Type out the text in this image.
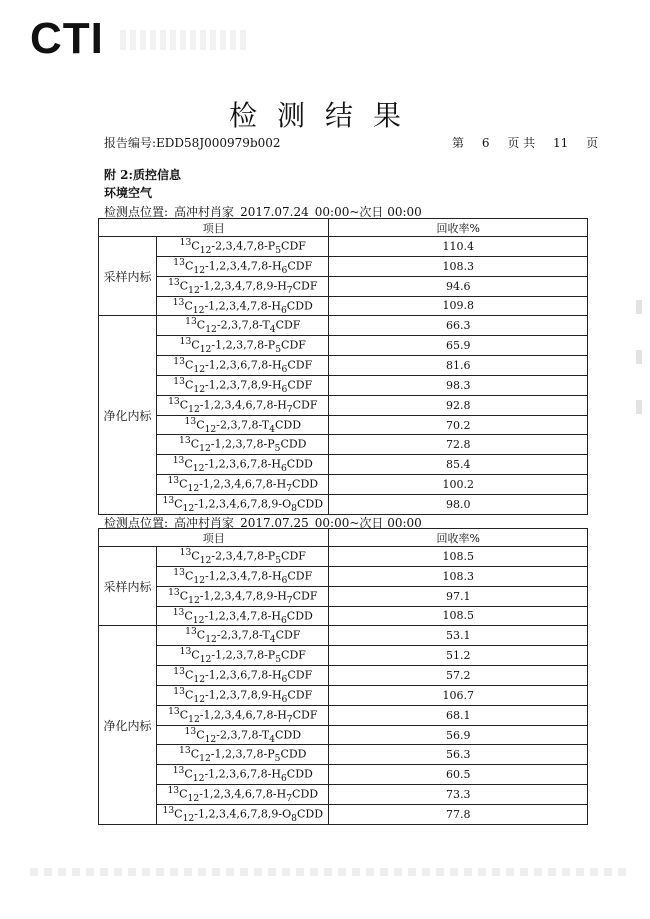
CTI
检测结果
报告编号:EDD58J000979b002	第 6 页 共 11 页
附 2:质控信息
环境空气
检测点位置: 高冲村肖家 2017.07.24 00:00~次日 00:00
项目		回收率%
采样内标	$^{13}C_{12}-2,3,4,7,8-P_5CDF$	110.4
	$^{13}C_{12}-1,2,3,4,7,8-H_6CDF$	108.3
	$^{13}C_{12}-1,2,3,4,7,8,9-H_7CDF$	94.6
	$^{13}C_{12}-1,2,3,4,7,8-H_6CDD$	109.8
净化内标	$^{13}C_{12}-2,3,7,8-T_4CDF$	66.3
	$^{13}C_{12}-1,2,3,7,8-P_5CDF$	65.9
	$^{13}C_{12}-1,2,3,6,7,8-H_6CDF$	81.6
	$^{13}C_{12}-1,2,3,7,8,9-H_6CDF$	98.3
	$^{13}C_{12}-1,2,3,4,6,7,8-H_7CDF$	92.8
	$^{13}C_{12}-2,3,7,8-T_4CDD$	70.2
	$^{13}C_{12}-1,2,3,7,8-P_5CDD$	72.8
	$^{13}C_{12}-1,2,3,6,7,8-H_6CDD$	85.4
	$^{13}C_{12}-1,2,3,4,6,7,8-H_7CDD$	100.2
	$^{13}C_{12}-1,2,3,4,6,7,8,9-O_8CDD$	98.0
检测点位置: 高冲村肖家 2017.07.25 00:00~次日 00:00
项目		回收率%
采样内标	$^{13}C_{12}-2,3,4,7,8-P_5CDF$	108.5
	$^{13}C_{12}-1,2,3,4,7,8-H_6CDF$	108.3
	$^{13}C_{12}-1,2,3,4,7,8,9-H_7CDF$	97.1
	$^{13}C_{12}-1,2,3,4,7,8-H_6CDD$	108.5
净化内标	$^{13}C_{12}-2,3,7,8-T_4CDF$	53.1
	$^{13}C_{12}-1,2,3,7,8-P_5CDF$	51.2
	$^{13}C_{12}-1,2,3,6,7,8-H_6CDF$	57.2
	$^{13}C_{12}-1,2,3,7,8,9-H_6CDF$	106.7
	$^{13}C_{12}-1,2,3,4,6,7,8-H_7CDF$	68.1
	$^{13}C_{12}-2,3,7,8-T_4CDD$	56.9
	$^{13}C_{12}-1,2,3,7,8-P_5CDD$	56.3
	$^{13}C_{12}-1,2,3,6,7,8-H_6CDD$	60.5
	$^{13}C_{12}-1,2,3,4,6,7,8-H_7CDD$	73.3
	$^{13}C_{12}-1,2,3,4,6,7,8,9-O_8CDD$	77.8
